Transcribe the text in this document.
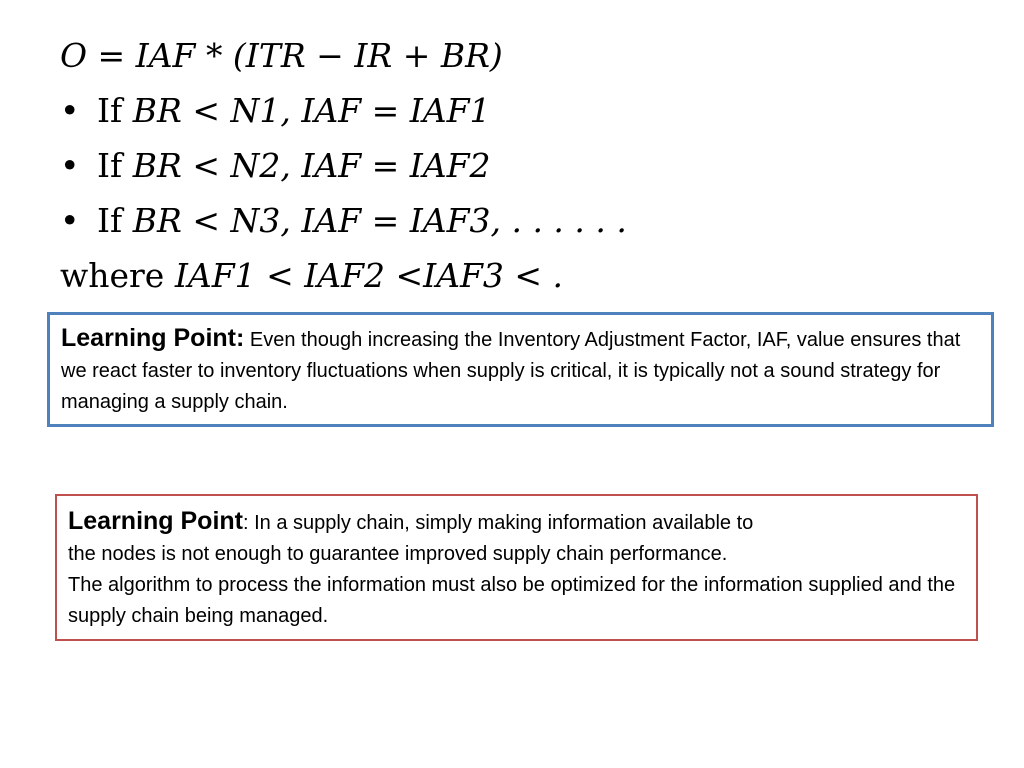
O = IAF * (ITR − IR + BR)
• If BR < N1, IAF = IAF1
• If BR < N2, IAF = IAF2
• If BR < N3, IAF = IAF3, . . . . . .
where IAF1 < IAF2 <IAF3 < .
Learning Point: Even though increasing the Inventory Adjustment Factor, IAF, value ensures that we react faster to inventory fluctuations when supply is critical, it is typically not a sound strategy for managing a supply chain.
Learning Point: In a supply chain, simply making information available to
the nodes is not enough to guarantee improved supply chain performance.
The algorithm to process the information must also be optimized for the information supplied and the supply chain being managed.
